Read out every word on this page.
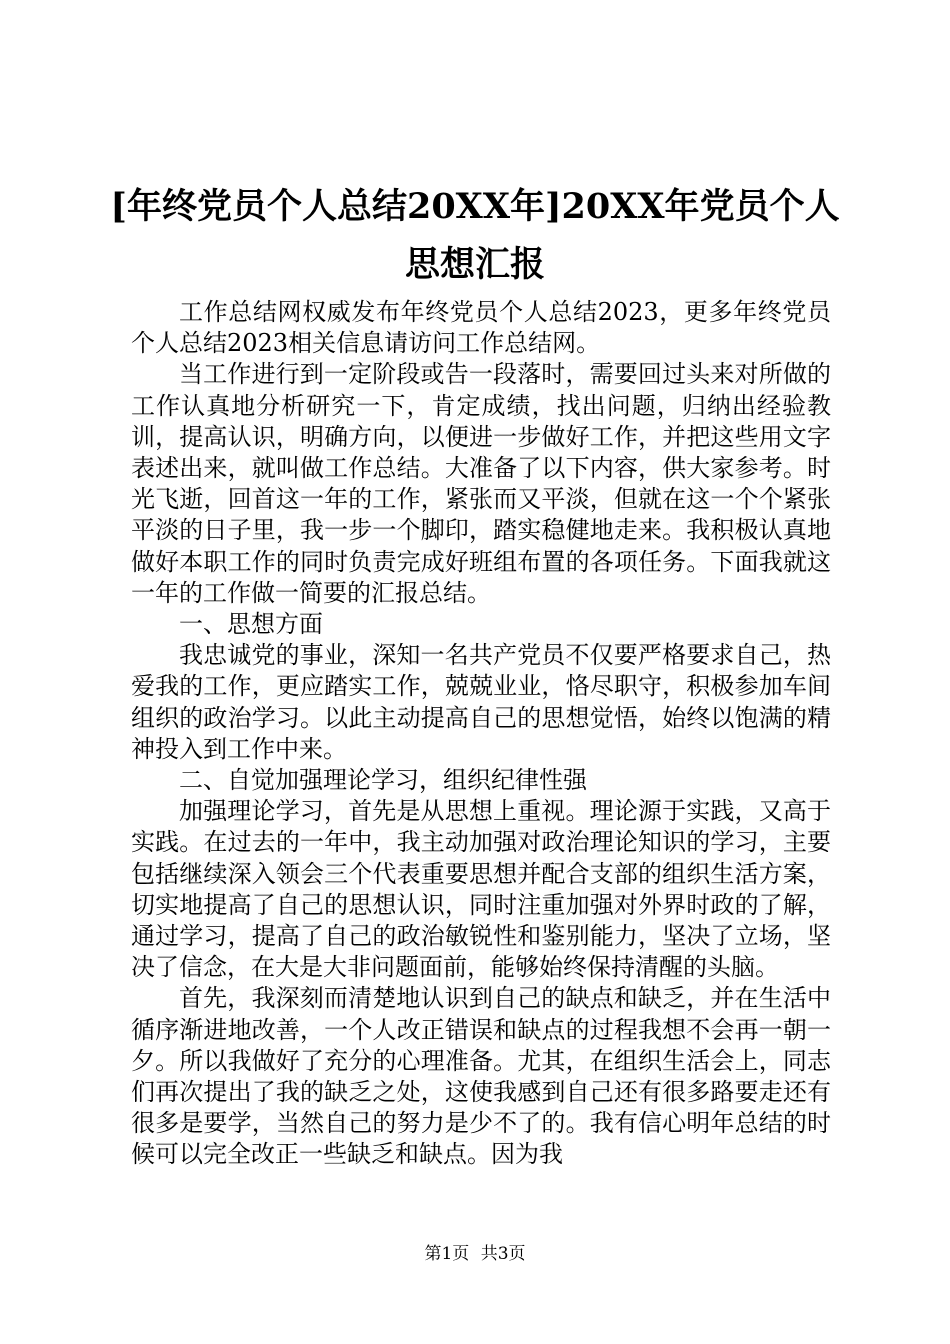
[年终党员个人总结20XX年]20XX年党员个人思想汇报

工作总结网权威发布年终党员个人总结2023，更多年终党员个人总结2023相关信息请访问工作总结网。

当工作进行到一定阶段或告一段落时，需要回过头来对所做的工作认真地分析研究一下，肯定成绩，找出问题，归纳出经验教训，提高认识，明确方向，以便进一步做好工作，并把这些用文字表述出来，就叫做工作总结。大准备了以下内容，供大家参考。时光飞逝，回首这一年的工作，紧张而又平淡，但就在这一个个紧张平淡的日子里，我一步一个脚印，踏实稳健地走来。我积极认真地做好本职工作的同时负责完成好班组布置的各项任务。下面我就这一年的工作做一简要的汇报总结。

一、思想方面

我忠诚党的事业，深知一名共产党员不仅要严格要求自己，热爱我的工作，更应踏实工作，兢兢业业，恪尽职守，积极参加车间组织的政治学习。以此主动提高自己的思想觉悟，始终以饱满的精神投入到工作中来。

二、自觉加强理论学习，组织纪律性强

加强理论学习，首先是从思想上重视。理论源于实践，又高于实践。在过去的一年中，我主动加强对政治理论知识的学习，主要包括继续深入领会三个代表重要思想并配合支部的组织生活方案，切实地提高了自己的思想认识，同时注重加强对外界时政的了解，通过学习，提高了自己的政治敏锐性和鉴别能力，坚决了立场，坚决了信念，在大是大非问题面前，能够始终保持清醒的头脑。

首先，我深刻而清楚地认识到自己的缺点和缺乏，并在生活中循序渐进地改善，一个人改正错误和缺点的过程我想不会再一朝一夕。所以我做好了充分的心理准备。尤其，在组织生活会上，同志们再次提出了我的缺乏之处，这使我感到自己还有很多路要走还有很多是要学，当然自己的努力是少不了的。我有信心明年总结的时候可以完全改正一些缺乏和缺点。因为我

第1页 共3页
